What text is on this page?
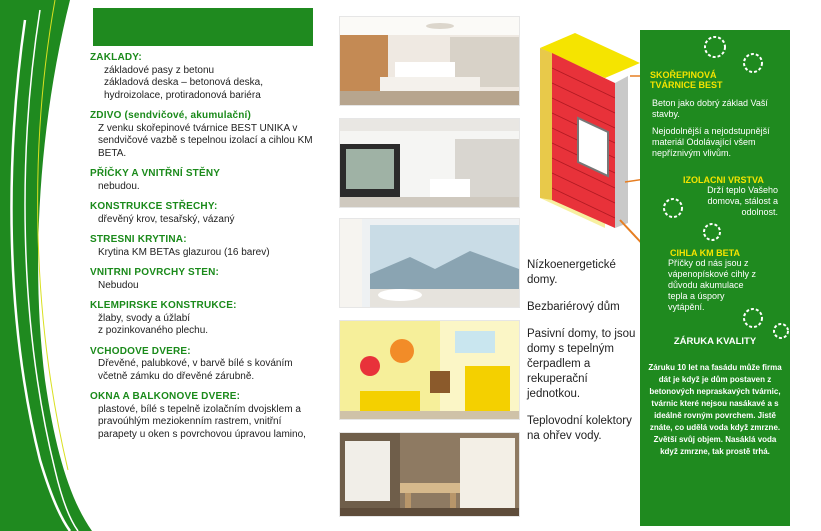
ZAKLADY:
základové pasy z betonu
základová deska – betonová deska,
hydroizolace, protiradonová bariéra
ZDIVO (sendvičové, akumulační)
Z venku skořepinové tvárnice BEST UNIKA v
sendvičové vazbě s tepelnou izolací a cihlou KM
BETA.
PŘÍČKY A VNITŘNÍ STĚNY
nebudou.
KONSTRUKCE STŘECHY:
dřevěný krov, tesařský, vázaný
STRESNI KRYTINA:
Krytina KM BETAs glazurou (16 barev)
VNITRNI POVRCHY STEN:
Nebudou
KLEMPIRSKE KONSTRUKCE:
žlaby, svody a úžlabí
z pozinkovaného plechu.
VCHODOVE DVERE:
Dřevěné, palubkové, v barvě bílé s kováním
včetně zámku do dřevěné zárubně.
OKNA A BALKONOVE DVERE:
plastové, bílé s tepelně izolačním dvojsklem a
pravoúhlým meziokenním rastrem, vnitřní
parapety u oken s povrchovou úpravou lamino,

Nízkoenergetické domy.

Bezbariérový dům

Pasivní domy, to jsou domy s tepelným čerpadlem a rekuperační jednotkou.

Teplovodní kolektory na ohřev vody.

SKOŘEPINOVÁ TVÁRNICE BEST
Beton jako dobrý základ Vaší stavby.
Nejodolnější a nejodstupnější materiál Odolávající všem nepříznivým vlivům.
IZOLACNI VRSTVA
Drží teplo Vašeho domova, stálost a odolnost.
CIHLA KM BETA
Příčky od nás jsou z vápenopískové cihly z důvodu akumulace tepla a úspory vytápění.
ZÁRUKA KVALITY
Záruku 10 let na fasádu může firma dát je když je dům postaven z betonových nepraskavých tvárnic, tvárnic které nejsou nasákavé a s ideálně rovným povrchem. Jistě znáte, co udělá voda když zmrzne. Zvětší svůj objem. Nasáklá voda když zmrzne, tak prostě trhá.
